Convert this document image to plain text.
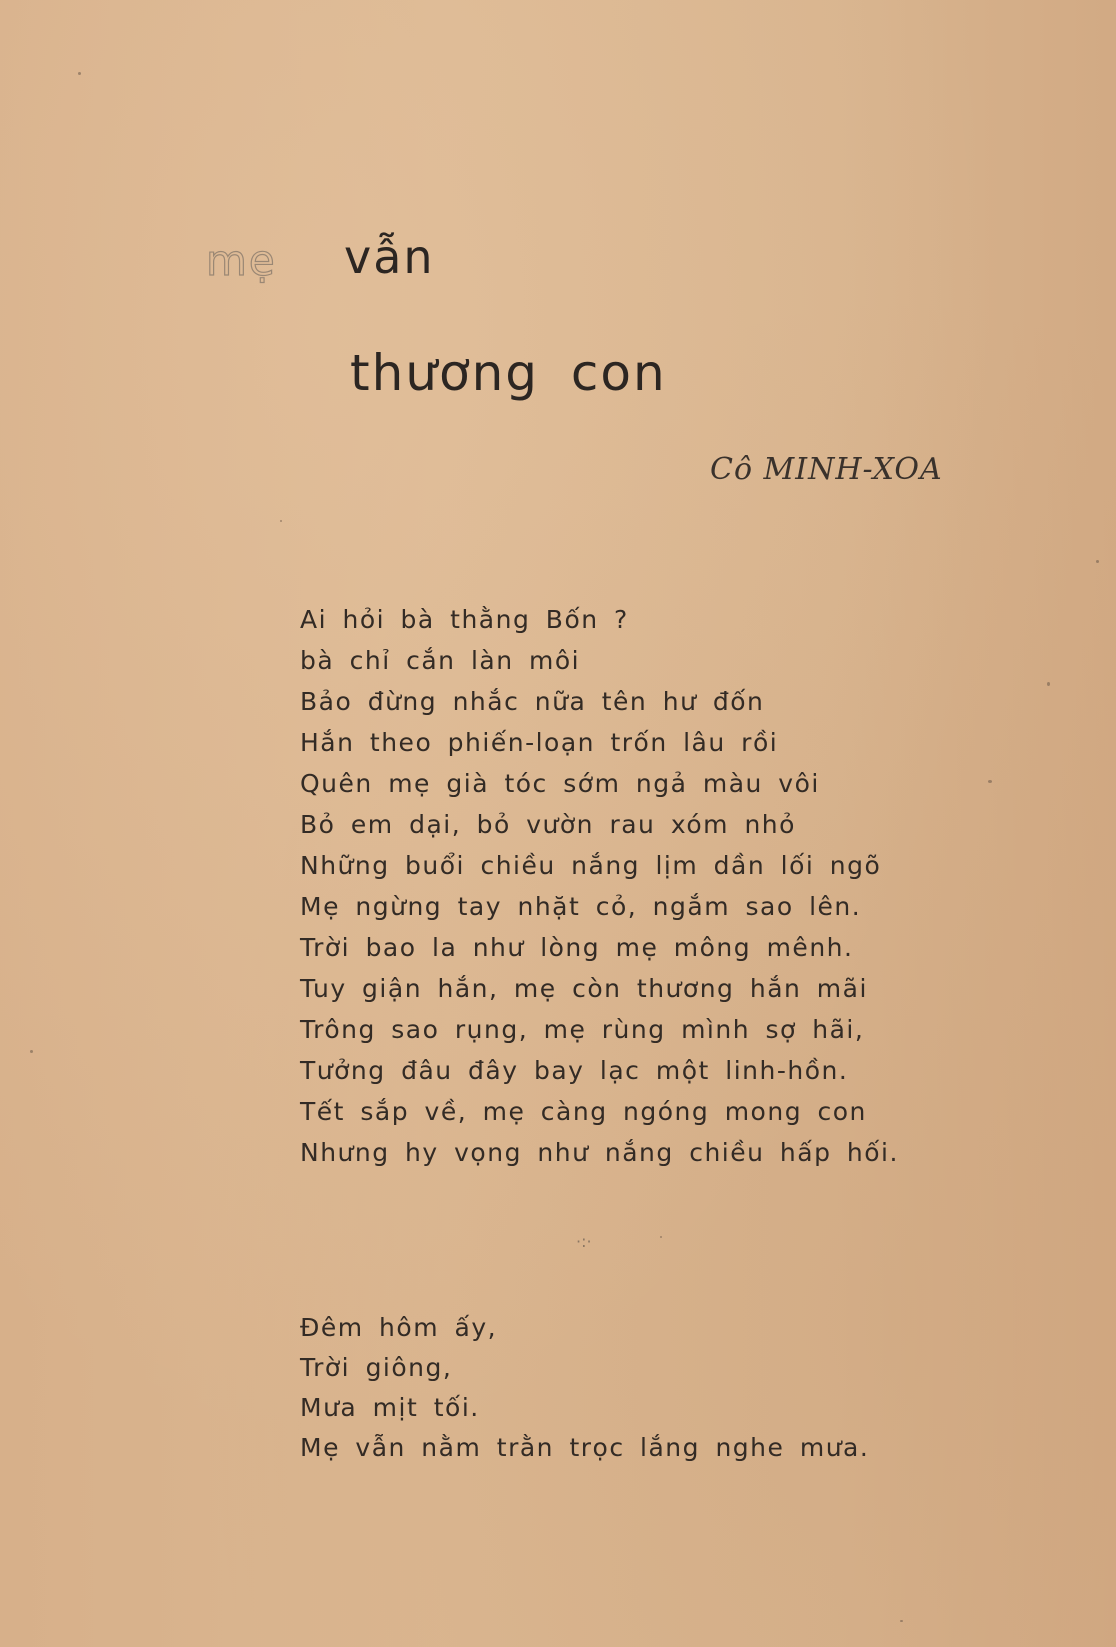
mẹ vẫn
thương con
Cô MINH-XOA
Ai hỏi bà thằng Bốn ?
bà chỉ cắn làn môi
Bảo đừng nhắc nữa tên hư đốn
Hắn theo phiến-loạn trốn lâu rồi
Quên mẹ già tóc sớm ngả màu vôi
Bỏ em dại, bỏ vườn rau xóm nhỏ
Những buổi chiều nắng lịm dần lối ngõ
Mẹ ngừng tay nhặt cỏ, ngắm sao lên.
Trời bao la như lòng mẹ mông mênh.
Tuy giận hắn, mẹ còn thương hắn mãi
Trông sao rụng, mẹ rùng mình sợ hãi,
Tưởng đâu đây bay lạc một linh-hồn.
Tết sắp về, mẹ càng ngóng mong con
Nhưng hy vọng như nắng chiều hấp hối.
·:·
Đêm hôm ấy,
Trời giông,
Mưa mịt tối.
Mẹ vẫn nằm trằn trọc lắng nghe mưa.
